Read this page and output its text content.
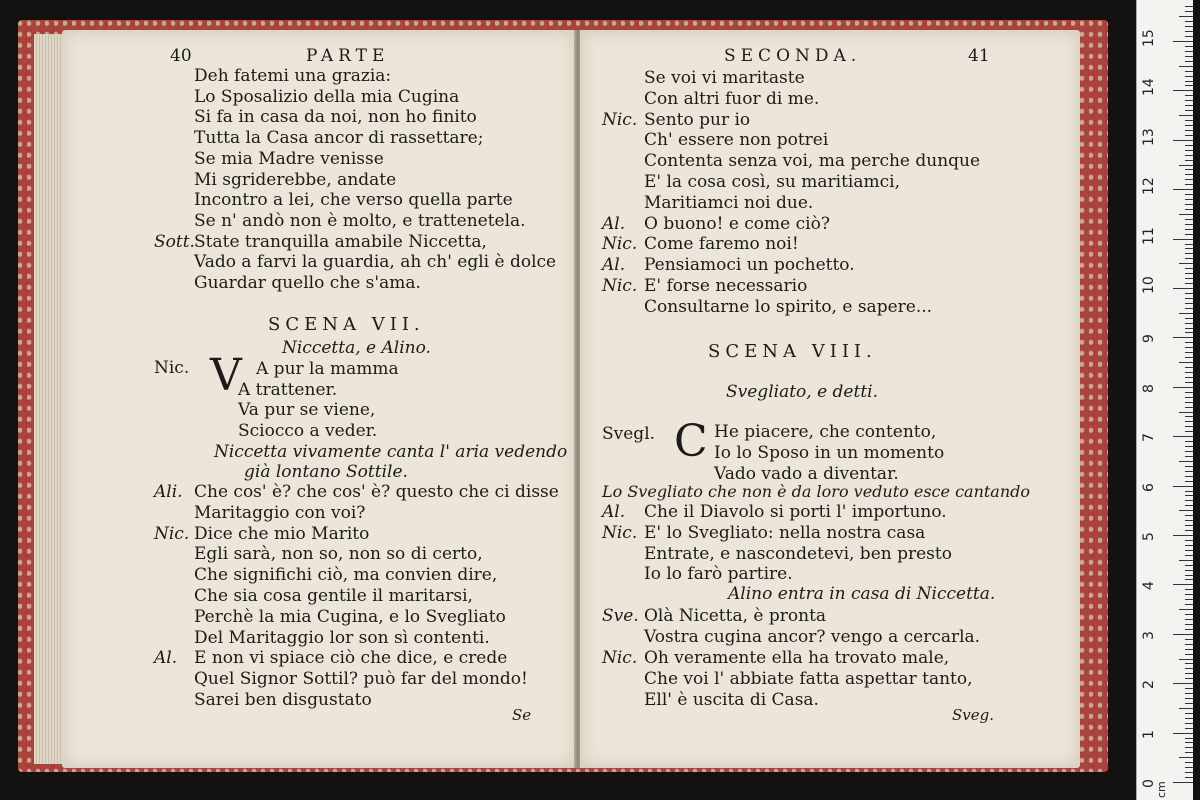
40	PARTE
Deh fatemi una grazia:
Lo Sposalizio della mia Cugina
Si fa in casa da noi, non ho finito
Tutta la Casa ancor di rassettare;
Se mia Madre venisse
Mi sgriderebbe, andate
Incontro a lei, che verso quella parte
Se n' andò non è molto, e trattenetela.
Sott. State tranquilla amabile Niccetta,
Vado a farvi la guardia, ah ch' egli è dolce
Guardar quello che s'ama.
SCENA VII.
Niccetta, e Alino.
Nic. V A pur la mamma
A trattener.
Va pur se viene,
Sciocco a veder.
Niccetta vivamente canta l' aria vedendo
già lontano Sottile.
Ali. Che cos' è? che cos' è? questo che ci disse
Maritaggio con voi?
Nic. Dice che mio Marito
Egli sarà, non so, non so di certo,
Che significhi ciò, ma convien dire,
Che sia cosa gentile il maritarsi,
Perchè la mia Cugina, e lo Svegliato
Del Maritaggio lor son sì contenti.
Al. E non vi spiace ciò che dice, e crede
Quel Signor Sottil? può far del mondo!
Sarei ben disgustato
Se
SECONDA.	41
Se voi vi maritaste
Con altri fuor di me.
Nic. Sento pur io
Ch' essere non potrei
Contenta senza voi, ma perche dunque
E' la cosa così, su maritiamci,
Maritiamci noi due.
Al. O buono! e come ciò?
Nic. Come faremo noi!
Al. Pensiamoci un pochetto.
Nic. E' forse necessario
Consultarne lo spirito, e sapere...
SCENA VIII.
Svegliato, e detti.
Svegl. C He piacere, che contento,
Io lo Sposo in un momento
Vado vado a diventar.
Lo Svegliato che non è da loro veduto esce cantando
Al. Che il Diavolo si porti l' importuno.
Nic. E' lo Svegliato: nella nostra casa
Entrate, e nascondetevi, ben presto
Io lo farò partire.
Alino entra in casa di Niccetta.
Sve. Olà Nicetta, è pronta
Vostra cugina ancor? vengo a cercarla.
Nic. Oh veramente ella ha trovato male,
Che voi l' abbiate fatta aspettar tanto,
Ell' è uscita di Casa.
Sveg.
0
1
2
3
4
5
6
7
8
9
10
11
12
13
14
15
cm
